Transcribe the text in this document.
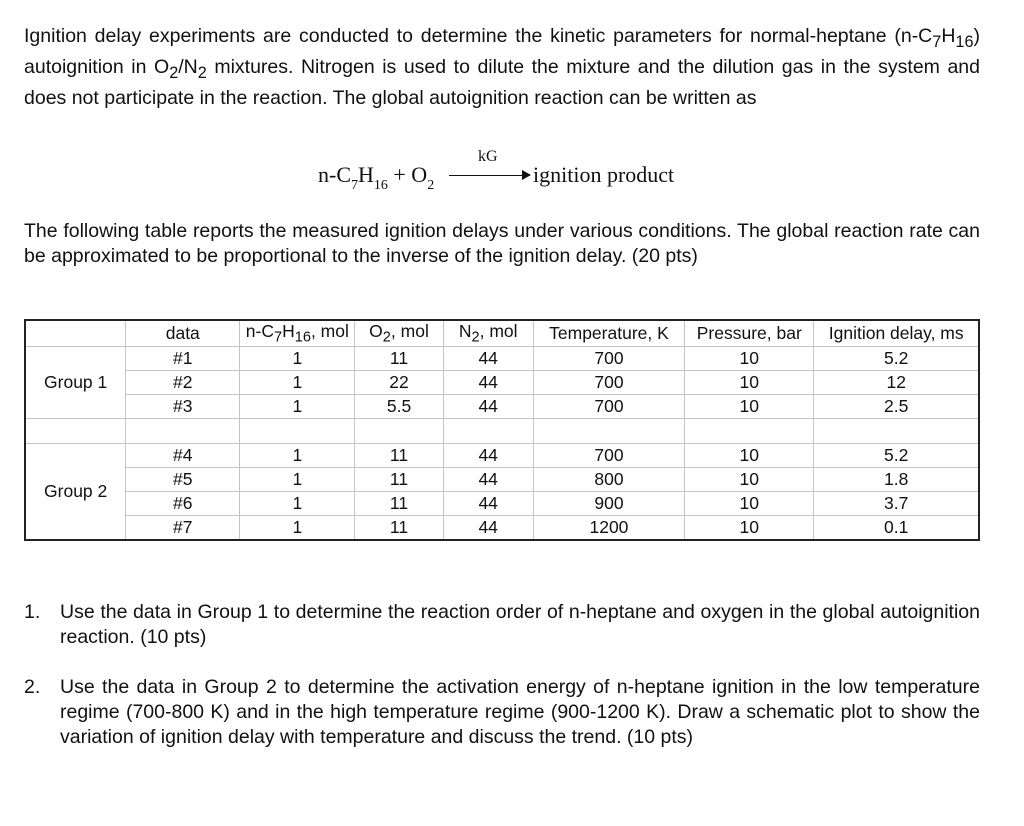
Ignition delay experiments are conducted to determine the kinetic parameters for normal-heptane $(n-C_7H_{16})$ autoignition in $O_2/N_2$ mixtures. Nitrogen is used to dilute the mixture and the dilution gas in the system and does not participate in the reaction. The global autoignition reaction can be written as
$n-C_7H_{16} + O_2$
kG
ignition product
The following table reports the measured ignition delays under various conditions. The global reaction rate can be approximated to be proportional to the inverse of the ignition delay. (20 pts)
	data	$n-C_7H_{16}$, mol	$O_2$, mol	$N_2$, mol	Temperature, K	Pressure, bar	Ignition delay, ms
Group 1	#1	1	11	44	700	10	5.2
	#2	1	22	44	700	10	12
	#3	1	5.5	44	700	10	2.5

Group 2	#4	1	11	44	700	10	5.2
	#5	1	11	44	800	10	1.8
	#6	1	11	44	900	10	3.7
	#7	1	11	44	1200	10	0.1
1. Use the data in Group 1 to determine the reaction order of n-heptane and oxygen in the global autoignition reaction. (10 pts)
2. Use the data in Group 2 to determine the activation energy of n-heptane ignition in the low temperature regime (700-800 K) and in the high temperature regime (900-1200 K). Draw a schematic plot to show the variation of ignition delay with temperature and discuss the trend. (10 pts)
